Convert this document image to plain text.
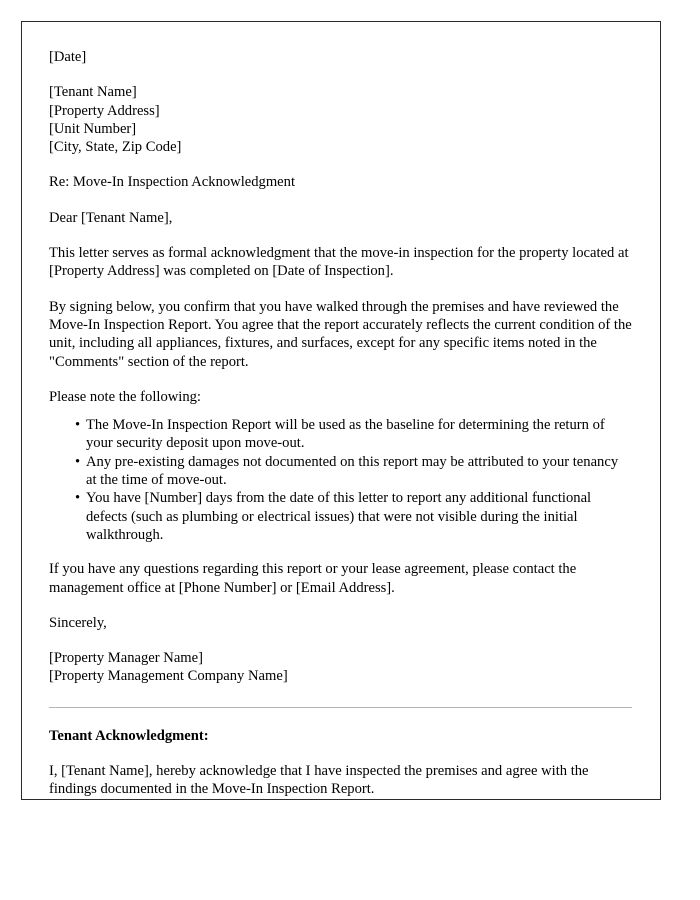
[Date]
[Tenant Name]
[Property Address]
[Unit Number]
[City, State, Zip Code]
Re: Move-In Inspection Acknowledgment
Dear [Tenant Name],

This letter serves as formal acknowledgment that the move-in inspection for the property located at [Property Address] was completed on [Date of Inspection].

By signing below, you confirm that you have walked through the premises and have reviewed the Move-In Inspection Report. You agree that the report accurately reflects the current condition of the unit, including all appliances, fixtures, and surfaces, except for any specific items noted in the "Comments" section of the report.

Please note the following:
• The Move-In Inspection Report will be used as the baseline for determining the return of your security deposit upon move-out.
• Any pre-existing damages not documented on this report may be attributed to your tenancy at the time of move-out.
• You have [Number] days from the date of this letter to report any additional functional defects (such as plumbing or electrical issues) that were not visible during the initial walkthrough.

If you have any questions regarding this report or your lease agreement, please contact the management office at [Phone Number] or [Email Address].

Sincerely,
[Property Manager Name]
[Property Management Company Name]
Tenant Acknowledgment:

I, [Tenant Name], hereby acknowledge that I have inspected the premises and agree with the findings documented in the Move-In Inspection Report.
